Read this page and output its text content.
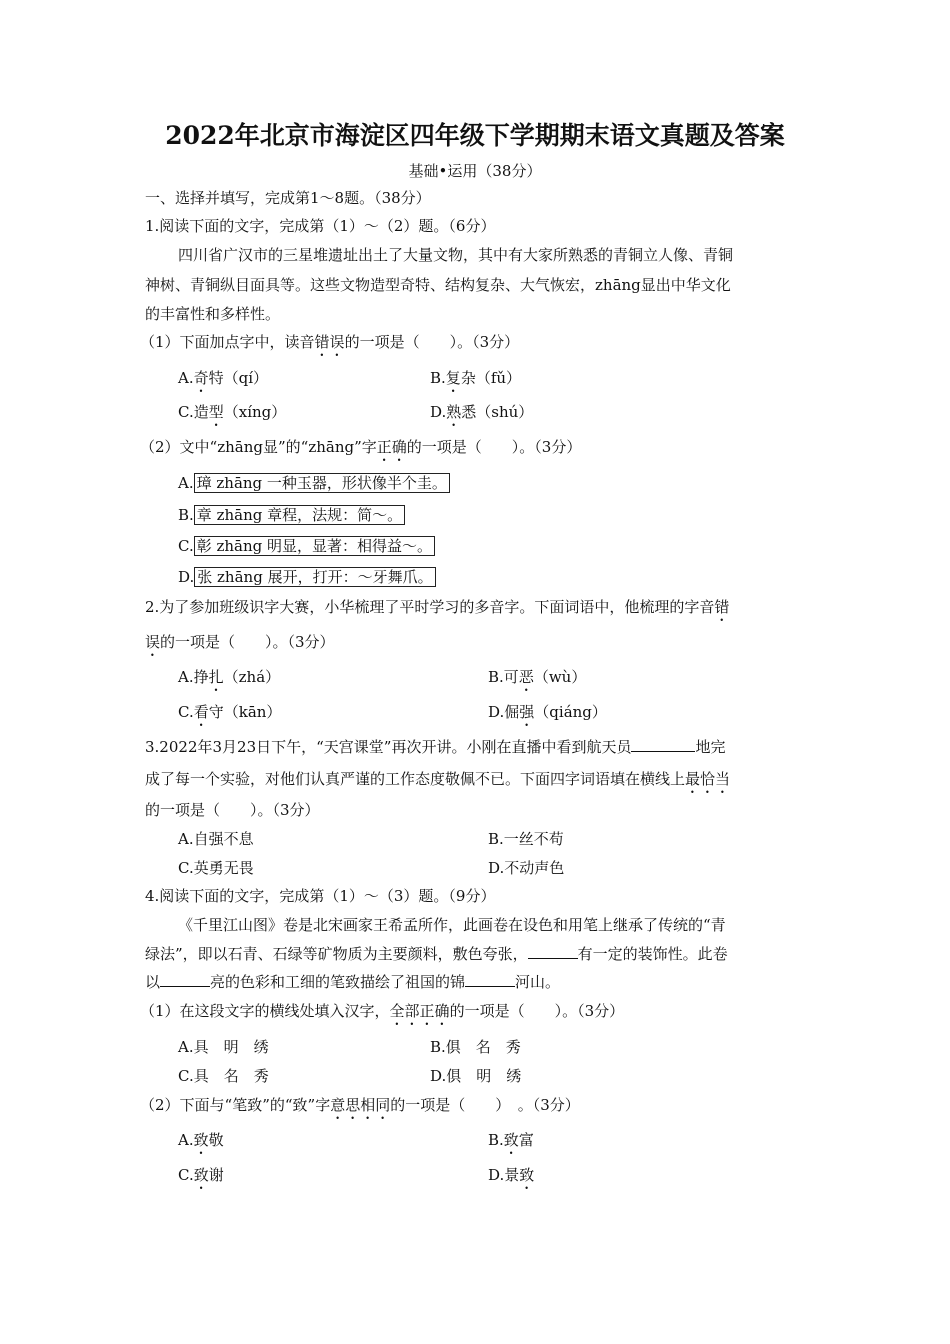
2022年北京市海淀区四年级下学期期末语文真题及答案
基础•运用（38分）
一、选择并填写，完成第1～8题。（38分）
1.阅读下面的文字，完成第（1）～（2）题。（6分）
四川省广汉市的三星堆遗址出土了大量文物，其中有大家所熟悉的青铜立人像、青铜
神树、青铜纵目面具等。这些文物造型奇特、结构复杂、大气恢宏，zhāng显出中华文化
的丰富性和多样性。
（1）下面加点字中，读音错误的一项是（　　）。（3分）
A.奇特（qí）	B.复杂（fǔ）
C.造型（xíng）	D.熟悉（shú）
（2）文中“zhāng显”的“zhāng”字正确的一项是（　　）。（3分）
A. 璋 zhāng 一种玉器，形状像半个圭。
B. 章 zhāng 章程，法规：简～。
C. 彰 zhāng 明显，显著：相得益～。
D. 张 zhāng 展开，打开：～牙舞爪。
2.为了参加班级识字大赛，小华梳理了平时学习的多音字。下面词语中，他梳理的字音错
误的一项是（　　）。（3分）
A.挣扎（zhá）	B.可恶（wù）
C.看守（kān）	D.倔强（qiáng）
3.2022年3月23日下午，“天宫课堂”再次开讲。小刚在直播中看到航天员	地完
成了每一个实验，对他们认真严谨的工作态度敬佩不已。下面四字词语填在横线上最恰当
的一项是（　　）。（3分）
A.自强不息	B.一丝不苟
C.英勇无畏	D.不动声色
4.阅读下面的文字，完成第（1）～（3）题。（9分）
《千里江山图》卷是北宋画家王希孟所作，此画卷在设色和用笔上继承了传统的“青
绿法”，即以石青、石绿等矿物质为主要颜料，敷色夸张，	有一定的装饰性。此卷
以	亮的色彩和工细的笔致描绘了祖国的锦	河山。
（1）在这段文字的横线处填入汉字，全部正确的一项是（　　）。（3分）
A.具　明　绣	B.俱　名　秀
C.具　名　秀	D.俱　明　绣
（2）下面与“笔致”的“致”字意思相同的一项是（　　）　。（3分）
A.致敬	B.致富
C.致谢	D.景致
